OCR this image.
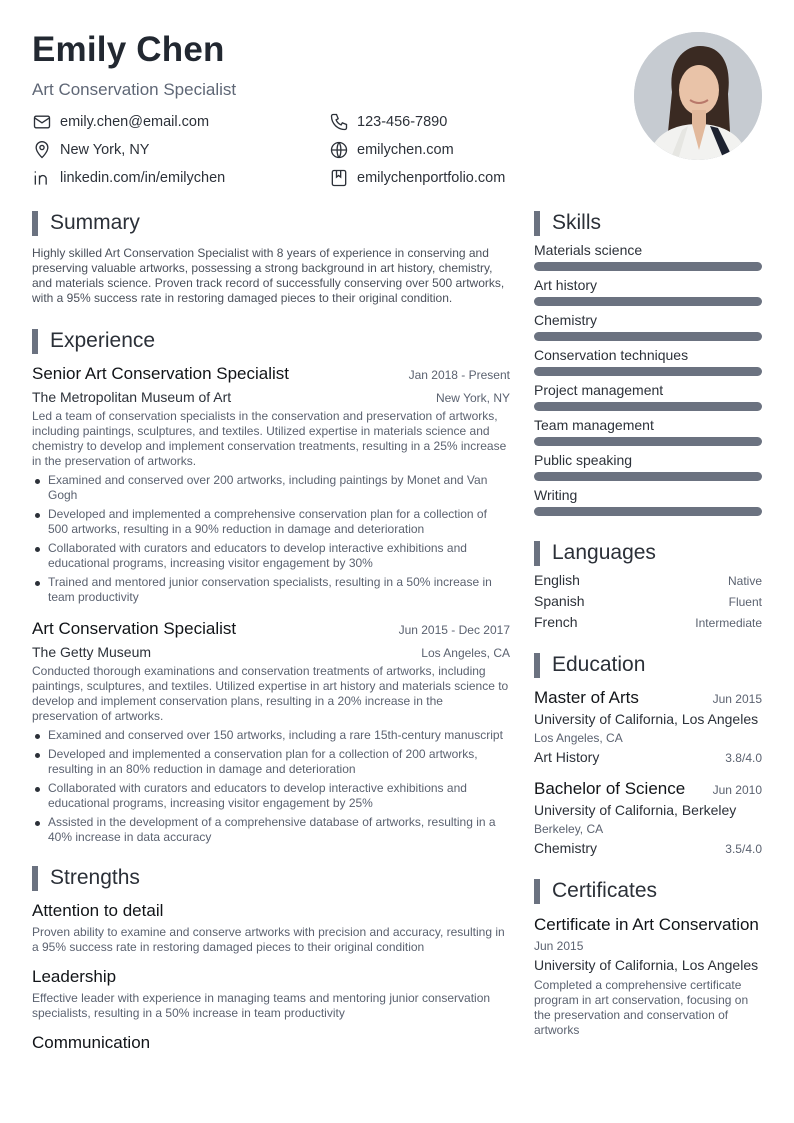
Emily Chen
Art Conservation Specialist
emily.chen@email.com	123-456-7890
New York, NY	emilychen.com
linkedin.com/in/emilychen	emilychenportfolio.com
Summary
Highly skilled Art Conservation Specialist with 8 years of experience in conserving and preserving valuable artworks, possessing a strong background in art history, chemistry, and materials science. Proven track record of successfully conserving over 500 artworks, with a 95% success rate in restoring damaged pieces to their original condition.
Experience
Senior Art Conservation Specialist	Jan 2018 - Present
The Metropolitan Museum of Art	New York, NY
Led a team of conservation specialists in the conservation and preservation of artworks, including paintings, sculptures, and textiles. Utilized expertise in materials science and chemistry to develop and implement conservation treatments, resulting in a 25% increase in the preservation of artworks.
Examined and conserved over 200 artworks, including paintings by Monet and Van Gogh
Developed and implemented a comprehensive conservation plan for a collection of 500 artworks, resulting in a 90% reduction in damage and deterioration
Collaborated with curators and educators to develop interactive exhibitions and educational programs, increasing visitor engagement by 30%
Trained and mentored junior conservation specialists, resulting in a 50% increase in team productivity
Art Conservation Specialist	Jun 2015 - Dec 2017
The Getty Museum	Los Angeles, CA
Conducted thorough examinations and conservation treatments of artworks, including paintings, sculptures, and textiles. Utilized expertise in art history and materials science to develop and implement conservation plans, resulting in a 20% increase in the preservation of artworks.
Examined and conserved over 150 artworks, including a rare 15th-century manuscript
Developed and implemented a conservation plan for a collection of 200 artworks, resulting in an 80% reduction in damage and deterioration
Collaborated with curators and educators to develop interactive exhibitions and educational programs, increasing visitor engagement by 25%
Assisted in the development of a comprehensive database of artworks, resulting in a 40% increase in data accuracy
Strengths
Attention to detail
Proven ability to examine and conserve artworks with precision and accuracy, resulting in a 95% success rate in restoring damaged pieces to their original condition
Leadership
Effective leader with experience in managing teams and mentoring junior conservation specialists, resulting in a 50% increase in team productivity
Communication
Skills
Materials science
Art history
Chemistry
Conservation techniques
Project management
Team management
Public speaking
Writing
Languages
English	Native
Spanish	Fluent
French	Intermediate
Education
Master of Arts	Jun 2015
University of California, Los Angeles
Los Angeles, CA
Art History	3.8/4.0
Bachelor of Science Jun 2010
University of California, Berkeley
Berkeley, CA
Chemistry	3.5/4.0
Certificates
Certificate in Art Conservation
Jun 2015
University of California, Los Angeles
Completed a comprehensive certificate program in art conservation, focusing on the preservation and conservation of artworks
